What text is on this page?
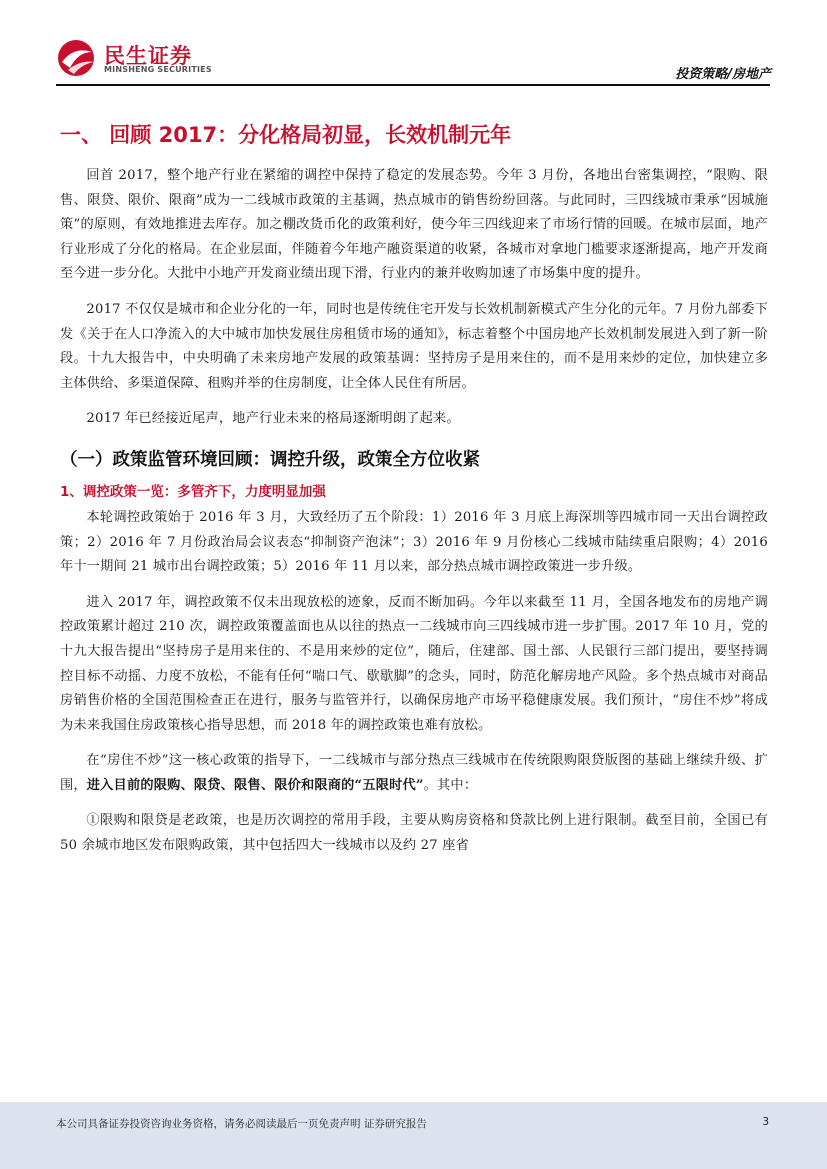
民生证券
MINSHENG SECURITIES	投资策略/房地产
一、 回顾 2017：分化格局初显，长效机制元年

回首 2017，整个地产行业在紧缩的调控中保持了稳定的发展态势。今年 3 月份，各地出台密集调控，“限购、限售、限贷、限价、限商”成为一二线城市政策的主基调，热点城市的销售纷纷回落。与此同时，三四线城市秉承“因城施策”的原则，有效地推进去库存。加之棚改货币化的政策利好，使今年三四线迎来了市场行情的回暖。在城市层面，地产行业形成了分化的格局。在企业层面，伴随着今年地产融资渠道的收紧，各城市对拿地门槛要求逐渐提高，地产开发商至今进一步分化。大批中小地产开发商业绩出现下滑，行业内的兼并收购加速了市场集中度的提升。

2017 不仅仅是城市和企业分化的一年，同时也是传统住宅开发与长效机制新模式产生分化的元年。7 月份九部委下发《关于在人口净流入的大中城市加快发展住房租赁市场的通知》，标志着整个中国房地产长效机制发展进入到了新一阶段。十九大报告中，中央明确了未来房地产发展的政策基调：坚持房子是用来住的，而不是用来炒的定位，加快建立多主体供给、多渠道保障、租购并举的住房制度，让全体人民住有所居。

2017 年已经接近尾声，地产行业未来的格局逐渐明朗了起来。

（一）政策监管环境回顾：调控升级，政策全方位收紧
1、调控政策一览：多管齐下，力度明显加强

本轮调控政策始于 2016 年 3 月，大致经历了五个阶段：1）2016 年 3 月底上海深圳等四城市同一天出台调控政策；2）2016 年 7 月份政治局会议表态“抑制资产泡沫”；3）2016 年 9 月份核心二线城市陆续重启限购；4）2016 年十一期间 21 城市出台调控政策；5）2016 年 11 月以来，部分热点城市调控政策进一步升级。

进入 2017 年，调控政策不仅未出现放松的迹象，反而不断加码。今年以来截至 11 月，全国各地发布的房地产调控政策累计超过 210 次，调控政策覆盖面也从以往的热点一二线城市向三四线城市进一步扩围。2017 年 10 月，党的十九大报告提出“坚持房子是用来住的、不是用来炒的定位”，随后，住建部、国土部、人民银行三部门提出，要坚持调控目标不动摇、力度不放松，不能有任何“喘口气、歇歇脚”的念头，同时，防范化解房地产风险。多个热点城市对商品房销售价格的全国范围检查正在进行，服务与监管并行，以确保房地产市场平稳健康发展。我们预计，“房住不炒”将成为未来我国住房政策核心指导思想，而 2018 年的调控政策也难有放松。

在“房住不炒”这一核心政策的指导下，一二线城市与部分热点三线城市在传统限购限贷版图的基础上继续升级、扩围，进入目前的限购、限贷、限售、限价和限商的“五限时代”。其中：

①限购和限贷是老政策，也是历次调控的常用手段，主要从购房资格和贷款比例上进行限制。截至目前，全国已有 50 余城市地区发布限购政策，其中包括四大一线城市以及约 27 座省

本公司具备证券投资咨询业务资格，请务必阅读最后一页免责声明 证券研究报告	3
